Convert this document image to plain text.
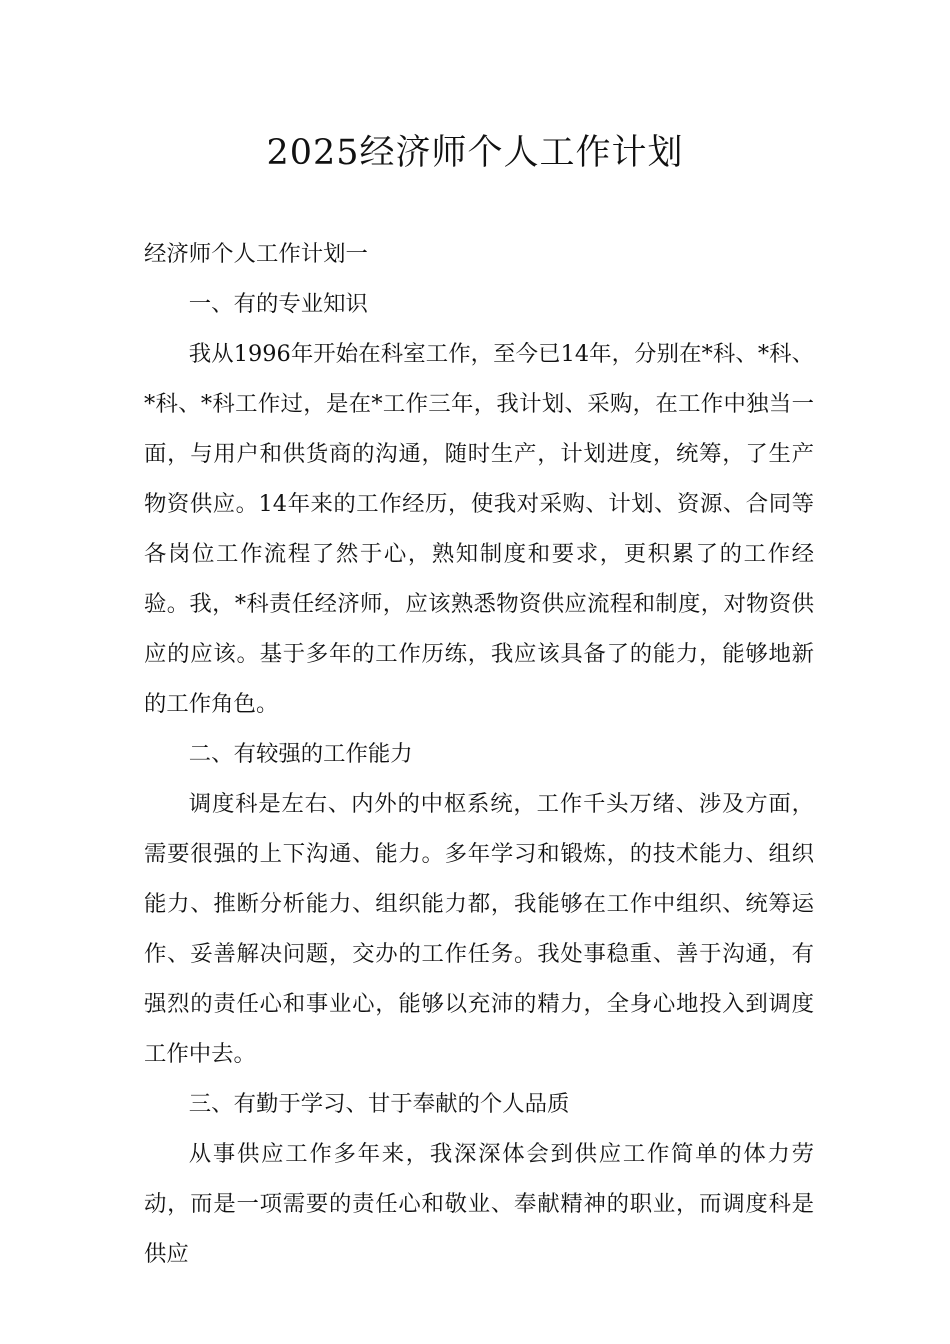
2025经济师个人工作计划

经济师个人工作计划一

一、有的专业知识

我从1996年开始在科室工作，至今已14年，分别在*科、*科、*科、*科工作过，是在*工作三年，我计划、采购，在工作中独当一面，与用户和供货商的沟通，随时生产，计划进度，统筹，了生产物资供应。14年来的工作经历，使我对采购、计划、资源、合同等各岗位工作流程了然于心，熟知制度和要求，更积累了的工作经验。我，*科责任经济师，应该熟悉物资供应流程和制度，对物资供应的应该。基于多年的工作历练，我应该具备了的能力，能够地新的工作角色。

二、有较强的工作能力

调度科是左右、内外的中枢系统，工作千头万绪、涉及方面，需要很强的上下沟通、能力。多年学习和锻炼，的技术能力、组织能力、推断分析能力、组织能力都，我能够在工作中组织、统筹运作、妥善解决问题，交办的工作任务。我处事稳重、善于沟通，有强烈的责任心和事业心，能够以充沛的精力，全身心地投入到调度工作中去。

三、有勤于学习、甘于奉献的个人品质

从事供应工作多年来，我深深体会到供应工作简单的体力劳动，而是一项需要的责任心和敬业、奉献精神的职业，而调度科是供应
